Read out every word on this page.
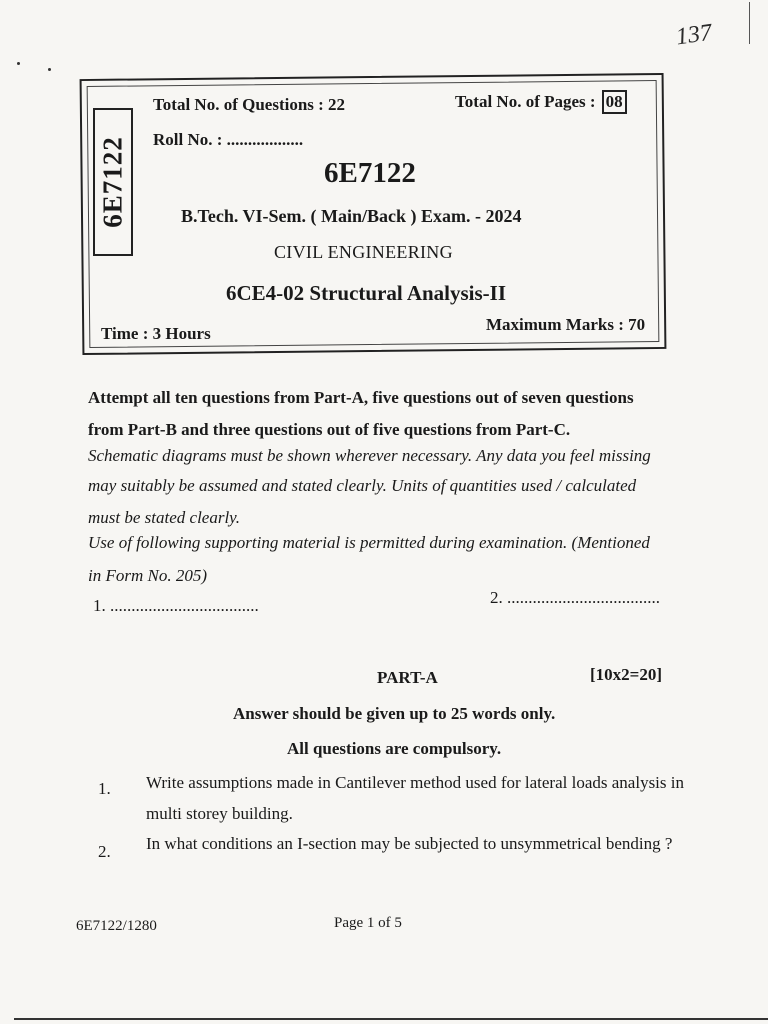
137
6E7122
Total No. of Questions : 22	Total No. of Pages : 08
Roll No. : ..................
6E7122
B.Tech. VI-Sem. ( Main/Back ) Exam. - 2024
CIVIL ENGINEERING
6CE4-02 Structural Analysis-II
Time : 3 Hours	Maximum Marks : 70
Attempt all ten questions from Part-A, five questions out of seven questions
from Part-B and three questions out of five questions from Part-C.
Schematic diagrams must be shown wherever necessary. Any data you feel missing
may suitably be assumed and stated clearly. Units of quantities used / calculated
must be stated clearly.
Use of following supporting material is permitted during examination. (Mentioned
in Form No. 205)
1. ...................................	2. ....................................
PART-A	[10x2=20]
Answer should be given up to 25 words only.
All questions are compulsory.
1. Write assumptions made in Cantilever method used for lateral loads analysis in
multi storey building.
2. In what conditions an I-section may be subjected to unsymmetrical bending ?
6E7122/1280	Page 1 of 5
